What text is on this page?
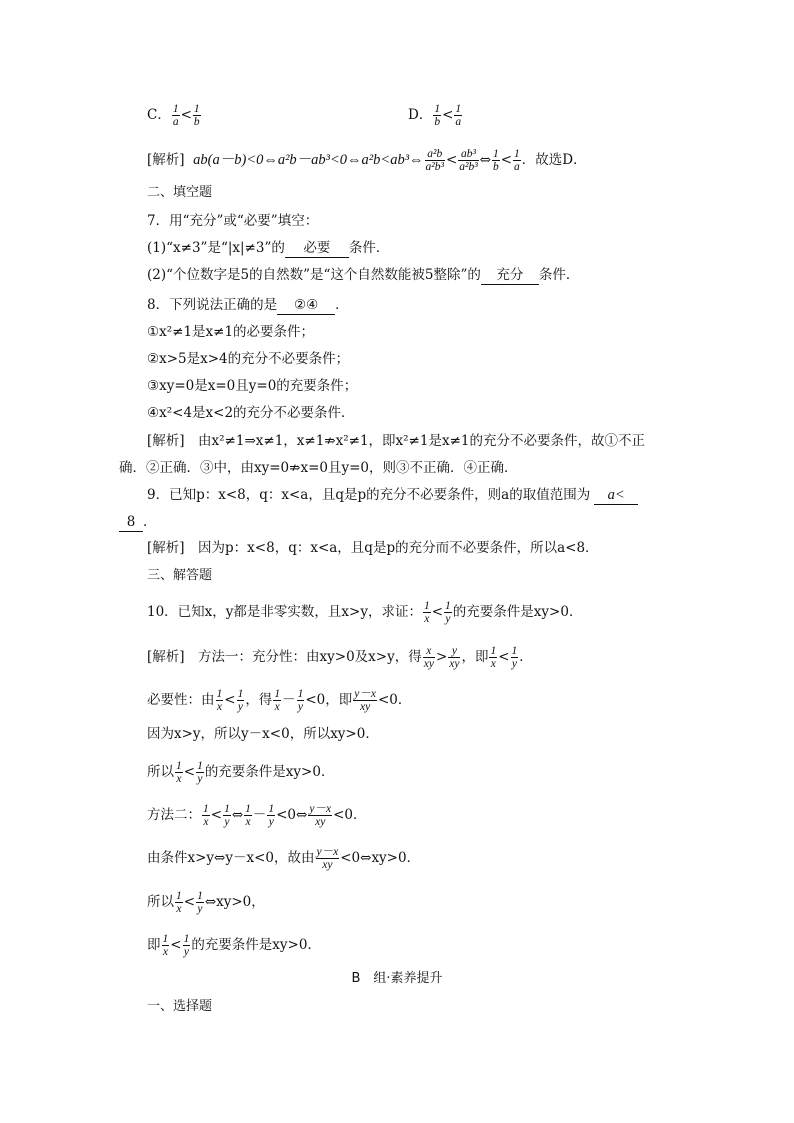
C． $\frac{1}{a} < \frac{1}{b}$	D． $\frac{1}{b} < \frac{1}{a}$
[解析] ab(a－b)<0⇔a²b－ab³<0⇔a²b<ab³⇔ $\frac{\text{a²b}}{\text{a²b³}} < \frac{\text{ab³}}{\text{a²b³}}$ ⇔ $\frac{1}{b} < \frac{1}{a}$ ．故选D．
二、填空题
7．用“充分”或“必要”填空：
(1)“x≠3”是“|x|≠3”的 必要 条件．
(2)“个位数字是5的自然数”是“这个自然数能被5整除”的 充分 条件．
8．下列说法正确的是 ②④ ．
①x²≠1是x≠1的必要条件；
②x>5是x>4的充分不必要条件；
③xy=0是x=0且y=0的充要条件；
④x²<4是x<2的充分不必要条件．
[解析]　由x²≠1⇒x≠1，x≠1⇏x²≠1，即x²≠1是x≠1的充分不必要条件，故①不正
确．②正确．③中，由xy=0⇏x=0且y=0，则③不正确．④正确．
9．已知p：x<8，q：x<a，且q是p的充分不必要条件，则a的取值范围为 a<
8 ．
[解析]　因为p：x<8，q：x<a，且q是p的充分而不必要条件，所以a<8．
三、解答题
10．已知x，y都是非零实数，且x>y，求证： $\frac{1}{x} < \frac{1}{y}$ 的充要条件是xy>0．
[解析]　方法一：充分性：由xy>0及x>y，得 $\frac{x}{xy} > \frac{y}{xy}$ ，即 $\frac{1}{x} < \frac{1}{y}$ ．
必要性：由 $\frac{1}{x} < \frac{1}{y}$ ，得 $\frac{1}{x} - \frac{1}{y} <0$，即 $\frac{y-x}{xy} <0$．
因为x>y，所以y－x<0，所以xy>0．
所以 $\frac{1}{x} < \frac{1}{y}$ 的充要条件是xy>0．
方法二： $\frac{1}{x} < \frac{1}{y}$ ⇔ $\frac{1}{x} - \frac{1}{y}$ <0⇔ $\frac{y-x}{xy} <0$．
由条件x>y⇔y－x<0，故由 $\frac{y-x}{xy}$ <0⇔xy>0．
所以 $\frac{1}{x} < \frac{1}{y}$ ⇔xy>0，
即 $\frac{1}{x} < \frac{1}{y}$ 的充要条件是xy>0．
B　组·素养提升
一、选择题
